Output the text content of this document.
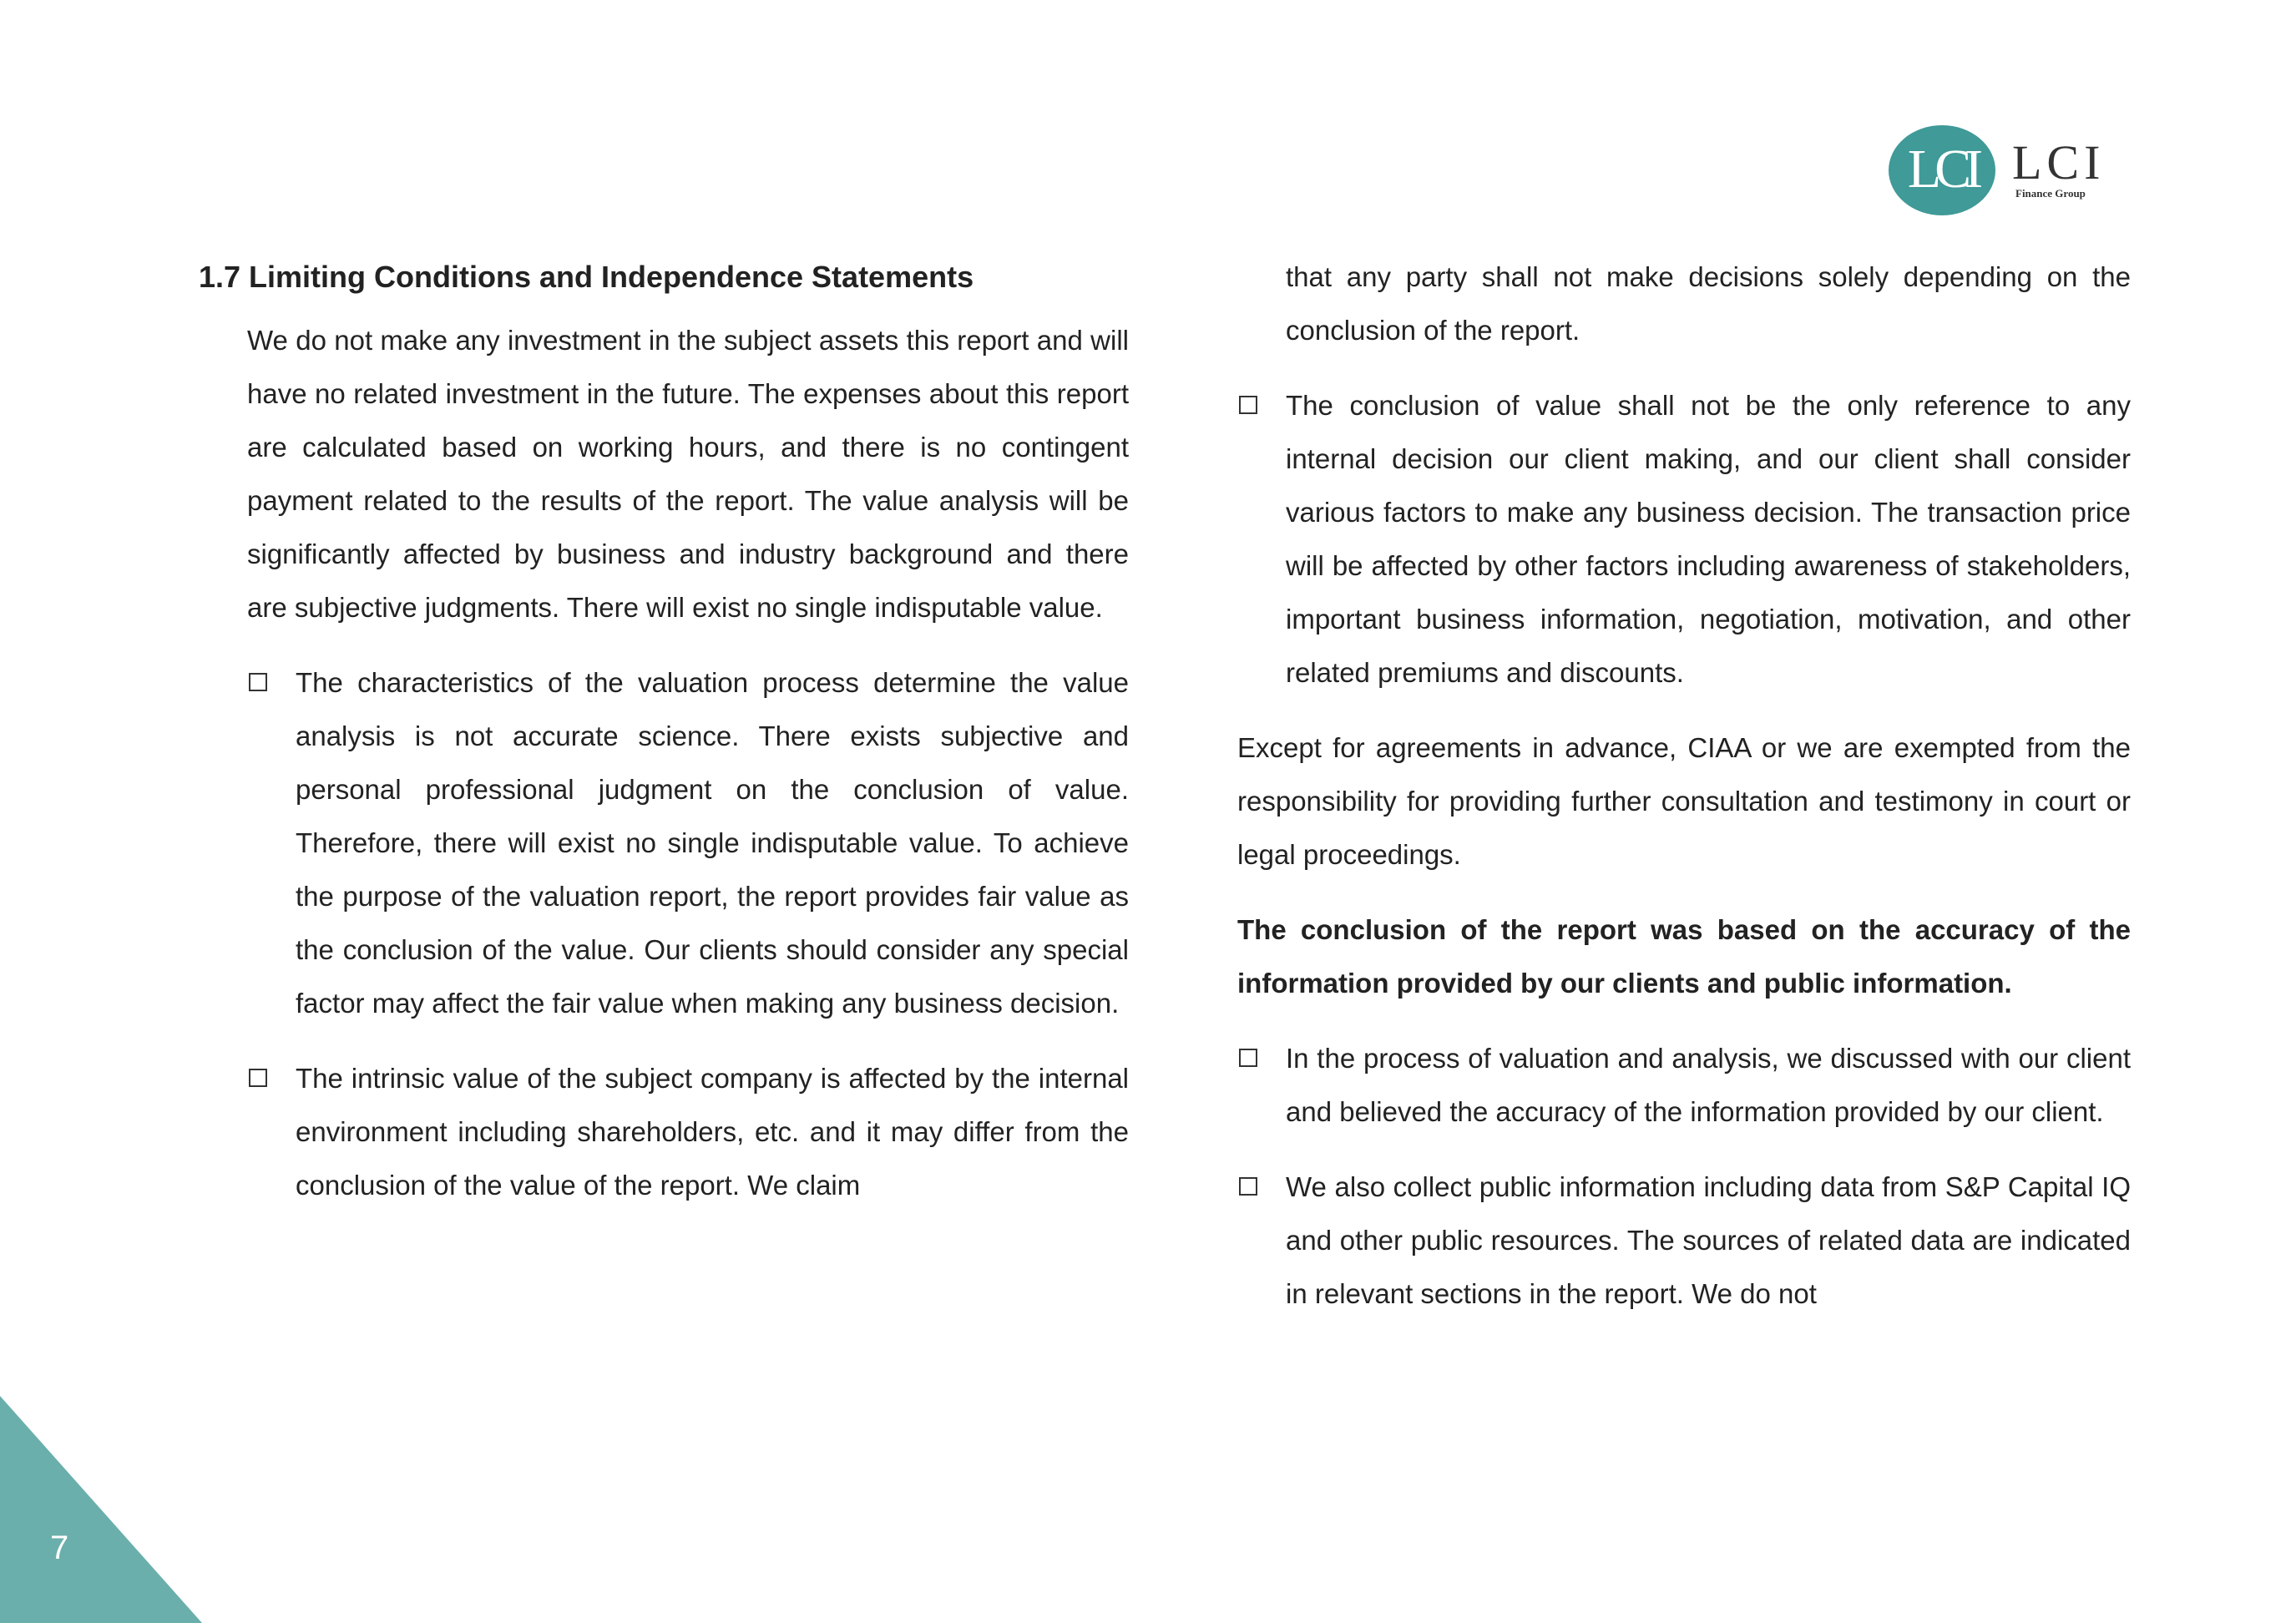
LCI LCI
Finance Group
1.7 Limiting Conditions and Independence Statements

We do not make any investment in the subject assets this report and will have no related investment in the future. The expenses about this report are calculated based on working hours, and there is no contingent payment related to the results of the report. The value analysis will be significantly affected by business and industry background and there are subjective judgments. There will exist no single indisputable value.

The characteristics of the valuation process determine the value analysis is not accurate science. There exists subjective and personal professional judgment on the conclusion of value. Therefore, there will exist no single indisputable value. To achieve the purpose of the valuation report, the report provides fair value as the conclusion of the value. Our clients should consider any special factor may affect the fair value when making any business decision.
The intrinsic value of the subject company is affected by the internal environment including shareholders, etc. and it may differ from the conclusion of the value of the report. We claim

that any party shall not make decisions solely depending on the conclusion of the report.

The conclusion of value shall not be the only reference to any internal decision our client making, and our client shall consider various factors to make any business decision. The transaction price will be affected by other factors including awareness of stakeholders, important business information, negotiation, motivation, and other related premiums and discounts.

Except for agreements in advance, CIAA or we are exempted from the responsibility for providing further consultation and testimony in court or legal proceedings.

The conclusion of the report was based on the accuracy of the information provided by our clients and public information.

In the process of valuation and analysis, we discussed with our client and believed the accuracy of the information provided by our client.
We also collect public information including data from S&P Capital IQ and other public resources. The sources of related data are indicated in relevant sections in the report. We do not
7
